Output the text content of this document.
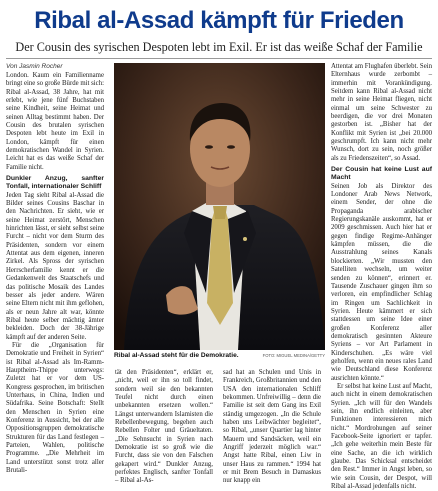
Ribal al-Assad kämpft für Frieden
Der Cousin des syrischen Despoten lebt im Exil. Er ist das weiße Schaf der Familie
Von Jasmin Rocher

London. Kaum ein Familienname bringt eine so große Bürde mit sich: Ribal al-Assad, 38 Jahre, hat mit erlebt, wie jene fünf Buchstaben seine Kindheit, seine Heimat und seinen Alltag bestimmt haben. Der Cousin des brutalen syrischen Despoten lebt heute im Exil in London, kämpft für einen demokratischen Wandel in Syrien. Leicht hat es das weiße Schaf der Familie nicht.

Dunkler Anzug, sanfter Tonfall, internationaler Schliff

Jeden Tag sieht Ribal al-Assad die Bilder seines Cousins Baschar in den Nachrichten. Er sieht, wie er seine Heimat zerstört, Menschen hinrichten lässt, er sieht selbst seine Furcht – nicht vor dem Sturm des Präsidenten, sondern vor einem Attentat aus dem eigenen, inneren Zirkel. Als Spross der syrischen Herrscherfamilie kennt er die Gedankenwelt des Staatschefs und das politische Mosaik des Landes besser als jeder andere. Wären seine Eltern nicht mit ihm geflohen, als er neun Jahre alt war, könnte Ribal heute selber mächtig ämter bekleiden. Doch der 38-Jährige kämpft auf der anderen Seite.

Für die „Organisation für Demokratie und Freiheit in Syrien“ ist Ribal al-Assad als Im-Ramm-Hauptheim-Thippe unterwegs: Zuletzt hat er vor dem US-Kongress gesprochen, im britischen Unterhaus, in China, Indien und Südafrika. Seine Botschaft: Stellt den Menschen in Syrien eine Konferenz in Aussicht, bei der alle Oppositionsgruppen demokratische Strukturen für das Land festlegen – Parteien, Wahlen, politische Programme. „Die Mehrheit im Land unterstützt sonst trotz aller Brutali-

Ribal al-Assad steht für die Demokratie.	FOTO: MIGUEL MEDINA/GETTY

tät den Präsidenten“, erklärt er, „nicht, weil er ihn so toll findet, sondern weil sie den bekannten Teufel nicht durch einen unbekannten ersetzen wollen.“ Längst unterwandern Islamisten die Rebellenbewegung, begehen auch Rebellen Folter und Gräueltaten. „Die Sehnsucht in Syrien nach Demokratie ist so groß wie die Furcht, dass sie von den Falschen gekapert wird.“ Dunkler Anzug, perfektes Englisch, sanfter Tonfall – Ribal al-As-

sad hat an Schulen und Unis in Frankreich, Großbritannien und den USA den internationalen Schliff bekommen. Unfreiwillig – denn die Familie ist seit dem Gang ins Exil ständig umgezogen. „In die Schule haben uns Leibwächter begleitet“, so Ribal, „unser Quartier lag hinter Mauern und Sandsäcken, weil ein Angriff jederzeit möglich war.“ Angst hatte Ribal, einen Liw in unser Haus zu rammen.“ 1994 hat er mit Brem Besuch in Damaskus nur knapp ein

Attentat am Flughafen überlebt. Sein Elternhaus wurde zerbombt – immerhin mit Vorankündigung. Seitdem kann Ribal al-Assad nicht mehr in seine Heimat fliegen, nicht einmal um seine Schwester zu beerdigen, die vor drei Monaten gestorben ist. „Bisher hat der Konflikt mit Syrien ist „bei 20.000 geschrumpft. Ich kann nicht mehr Wunsch, dort zu sein, noch größer als zu Friedenszeiten“, so Assad.

Der Cousin hat keine Lust auf Macht

Seinen Job als Direktor des Londoner Arab News Network, einem Sender, der ohne die Propaganda arabischer Regierungskanäle auskommt, hat er 2009 geschmissen. Auch hier hat er gegen findige Regime-Anhänger kämpfen müssen, die die Ausstrahlung seines Kanals blockierten. „Wir mussten den Satelliten wechseln, um weiter senden zu können“, erinnert er. Tausende Zuschauer gingen ihm so verloren, ein empfindlicher Schlag im Ringen um Sachlichkeit in Syrien. Heute kämmert er sich stattdessen um seine Idee einer großen Konferenz aller demokratisch gesinnten Akteure Syriens – vor Art Parlament in Kinderschuhen. „Es wäre viel geholfen, wenn ein neues rales Land wie Deutschland diese Konferenz ausrichten könnte.“

Er selbst hat keine Lust auf Macht, auch nicht in einem demokratischen Syrien. „Ich will für den Wandels sein, ihn endlich einleiten, aber Funktionen interessieren mich nicht.“ Mordrohungen auf seiner Facebook-Seite ignoriert er tapfer. „Ich gehe weiterhin mein Beste für eine Sache, an die ich wirklich glaube. Das Schicksal entscheidet den Rest.“ Immer in Angst leben, so wie sein Cousin, der Despot, will Ribal al-Assad jedenfalls nicht.
